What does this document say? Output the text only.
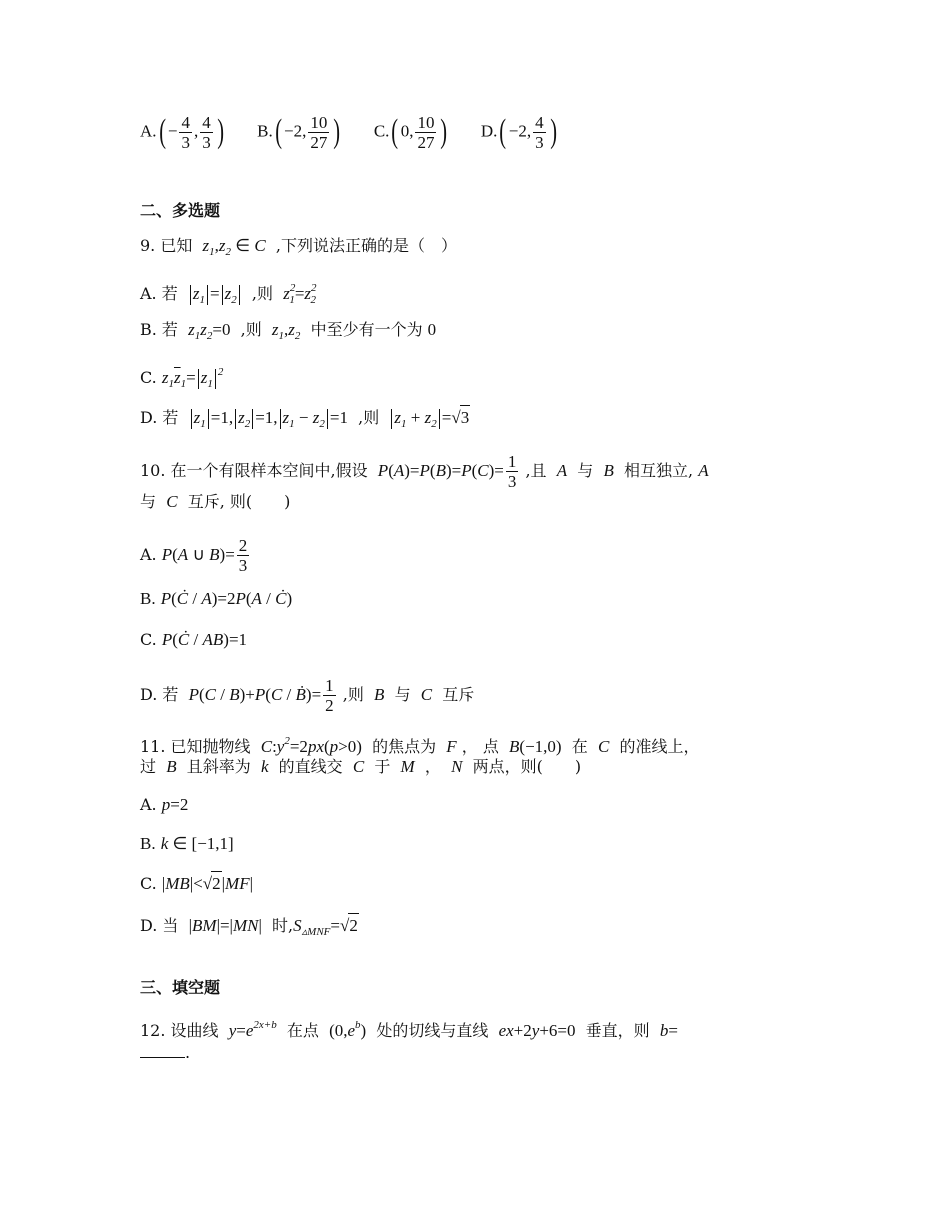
$A.( - \frac{4}{3}$ , $\frac{4}{3}$ ) B.( −2, $\frac{10}{27}$ ) C.( 0, $\frac{10}{27}$ ) D.( −2, $\frac{4}{3}$ )
二、多选题
9. 已知 $z_1,z_2$ ∈ C ,下列说法正确的是（　）
A. 若 $z_1 = z_2$ ,则 $z^2_1=z^2_2$
B. 若 $z_1z_2=0$ ,则 $z_1,z_2$ 中至少有一个为 0
C. $z_1\overline{z}_1= z_1^2$
D. 若 $z_1 =1$, $z_2 =1$, $z_1 - z_2 =1$ ,则 $z_1 + z_2 =√3$
10. 在一个有限样本空间中,假设 $P(A)=P(B)=P(C)= \frac{1}{3}$ ,且 A 与 B 相互独立, A
与 C 互斥, 则(　　)
A. P(A ∪ $B)= \frac{2}{3}$
B. P(Ċ / A)=2P(A / Ċ)
C. P(Ċ / AB)=1
D. 若 P(C / B)+P(C / Ḃ)= $\frac{1}{2}$ ,则 B 与 C 互斥
11. 已知抛物线 $C:y^2=2px(p>0)$ 的焦点为 F ， 点 B(−1,0) 在 C 的准线上，
过 B 且斜率为 k 的直线交 C 于 M ， N 两点，则(　　)
A. p=2
B. k ∈ [−1,1]
C. |MB|<√2|MF|
D. 当 |BM|=|MN| 时$,S_{▵MNF}=√2$
三、填空题
12. 设曲线 $y=e^{2x+b}$ 在点 $(0,e^b)$ 处的切线与直线 ex+2y+6=0 垂直，则 b=
.
